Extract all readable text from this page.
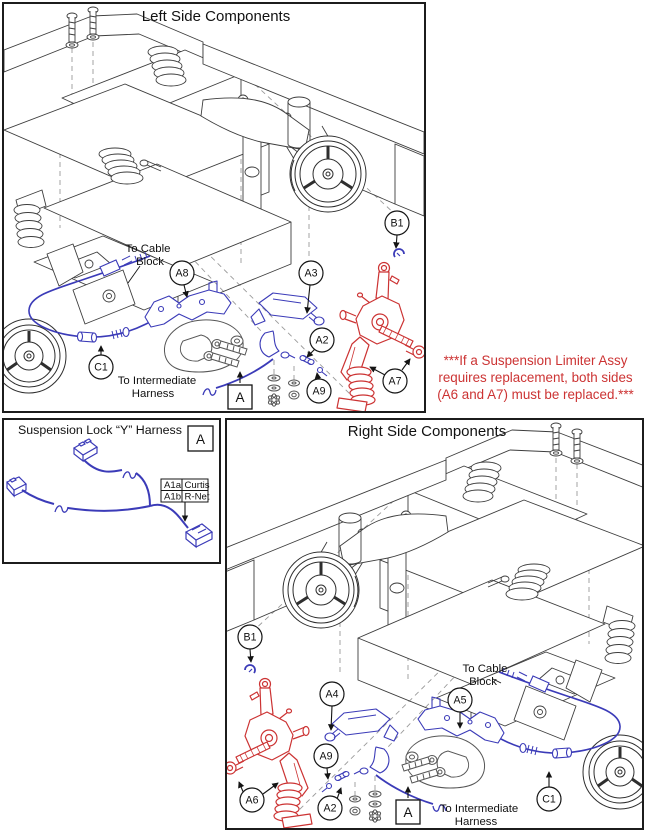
Left Side Components
B1
A8	A3
A2
A9
A7
C1
A
To Cable
Block
To Intermediate
Harness
Suspension Lock “Y” Harness
A
A1a Curtis
A1b R-Net
Right Side Components
B1
A4	A5
A9
A6
A2
C1
A
To Cable
Block
To Intermediate
Harness
***If a Suspension Limiter Assy
requires replacement, both sides
(A6 and A7) must be replaced.***
